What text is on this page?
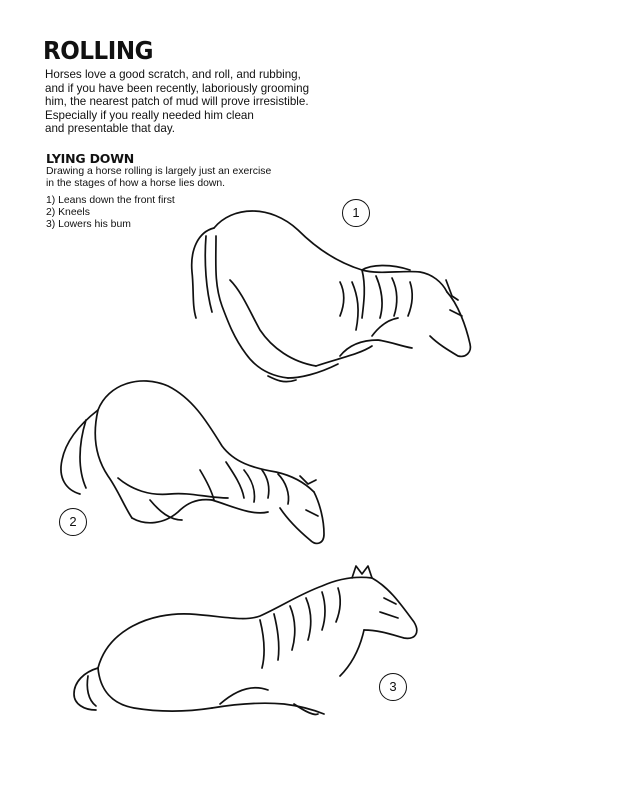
ROLLING

Horses love a good scratch, and roll, and rubbing,
and if you have been recently, laboriously grooming
him, the nearest patch of mud will prove irresistible.
Especially if you really needed him clean
and presentable that day.

LYING DOWN

Drawing a horse rolling is largely just an exercise
in the stages of how a horse lies down.

1) Leans down the front first
2) Kneels
3) Lowers his bum
1
2
3
